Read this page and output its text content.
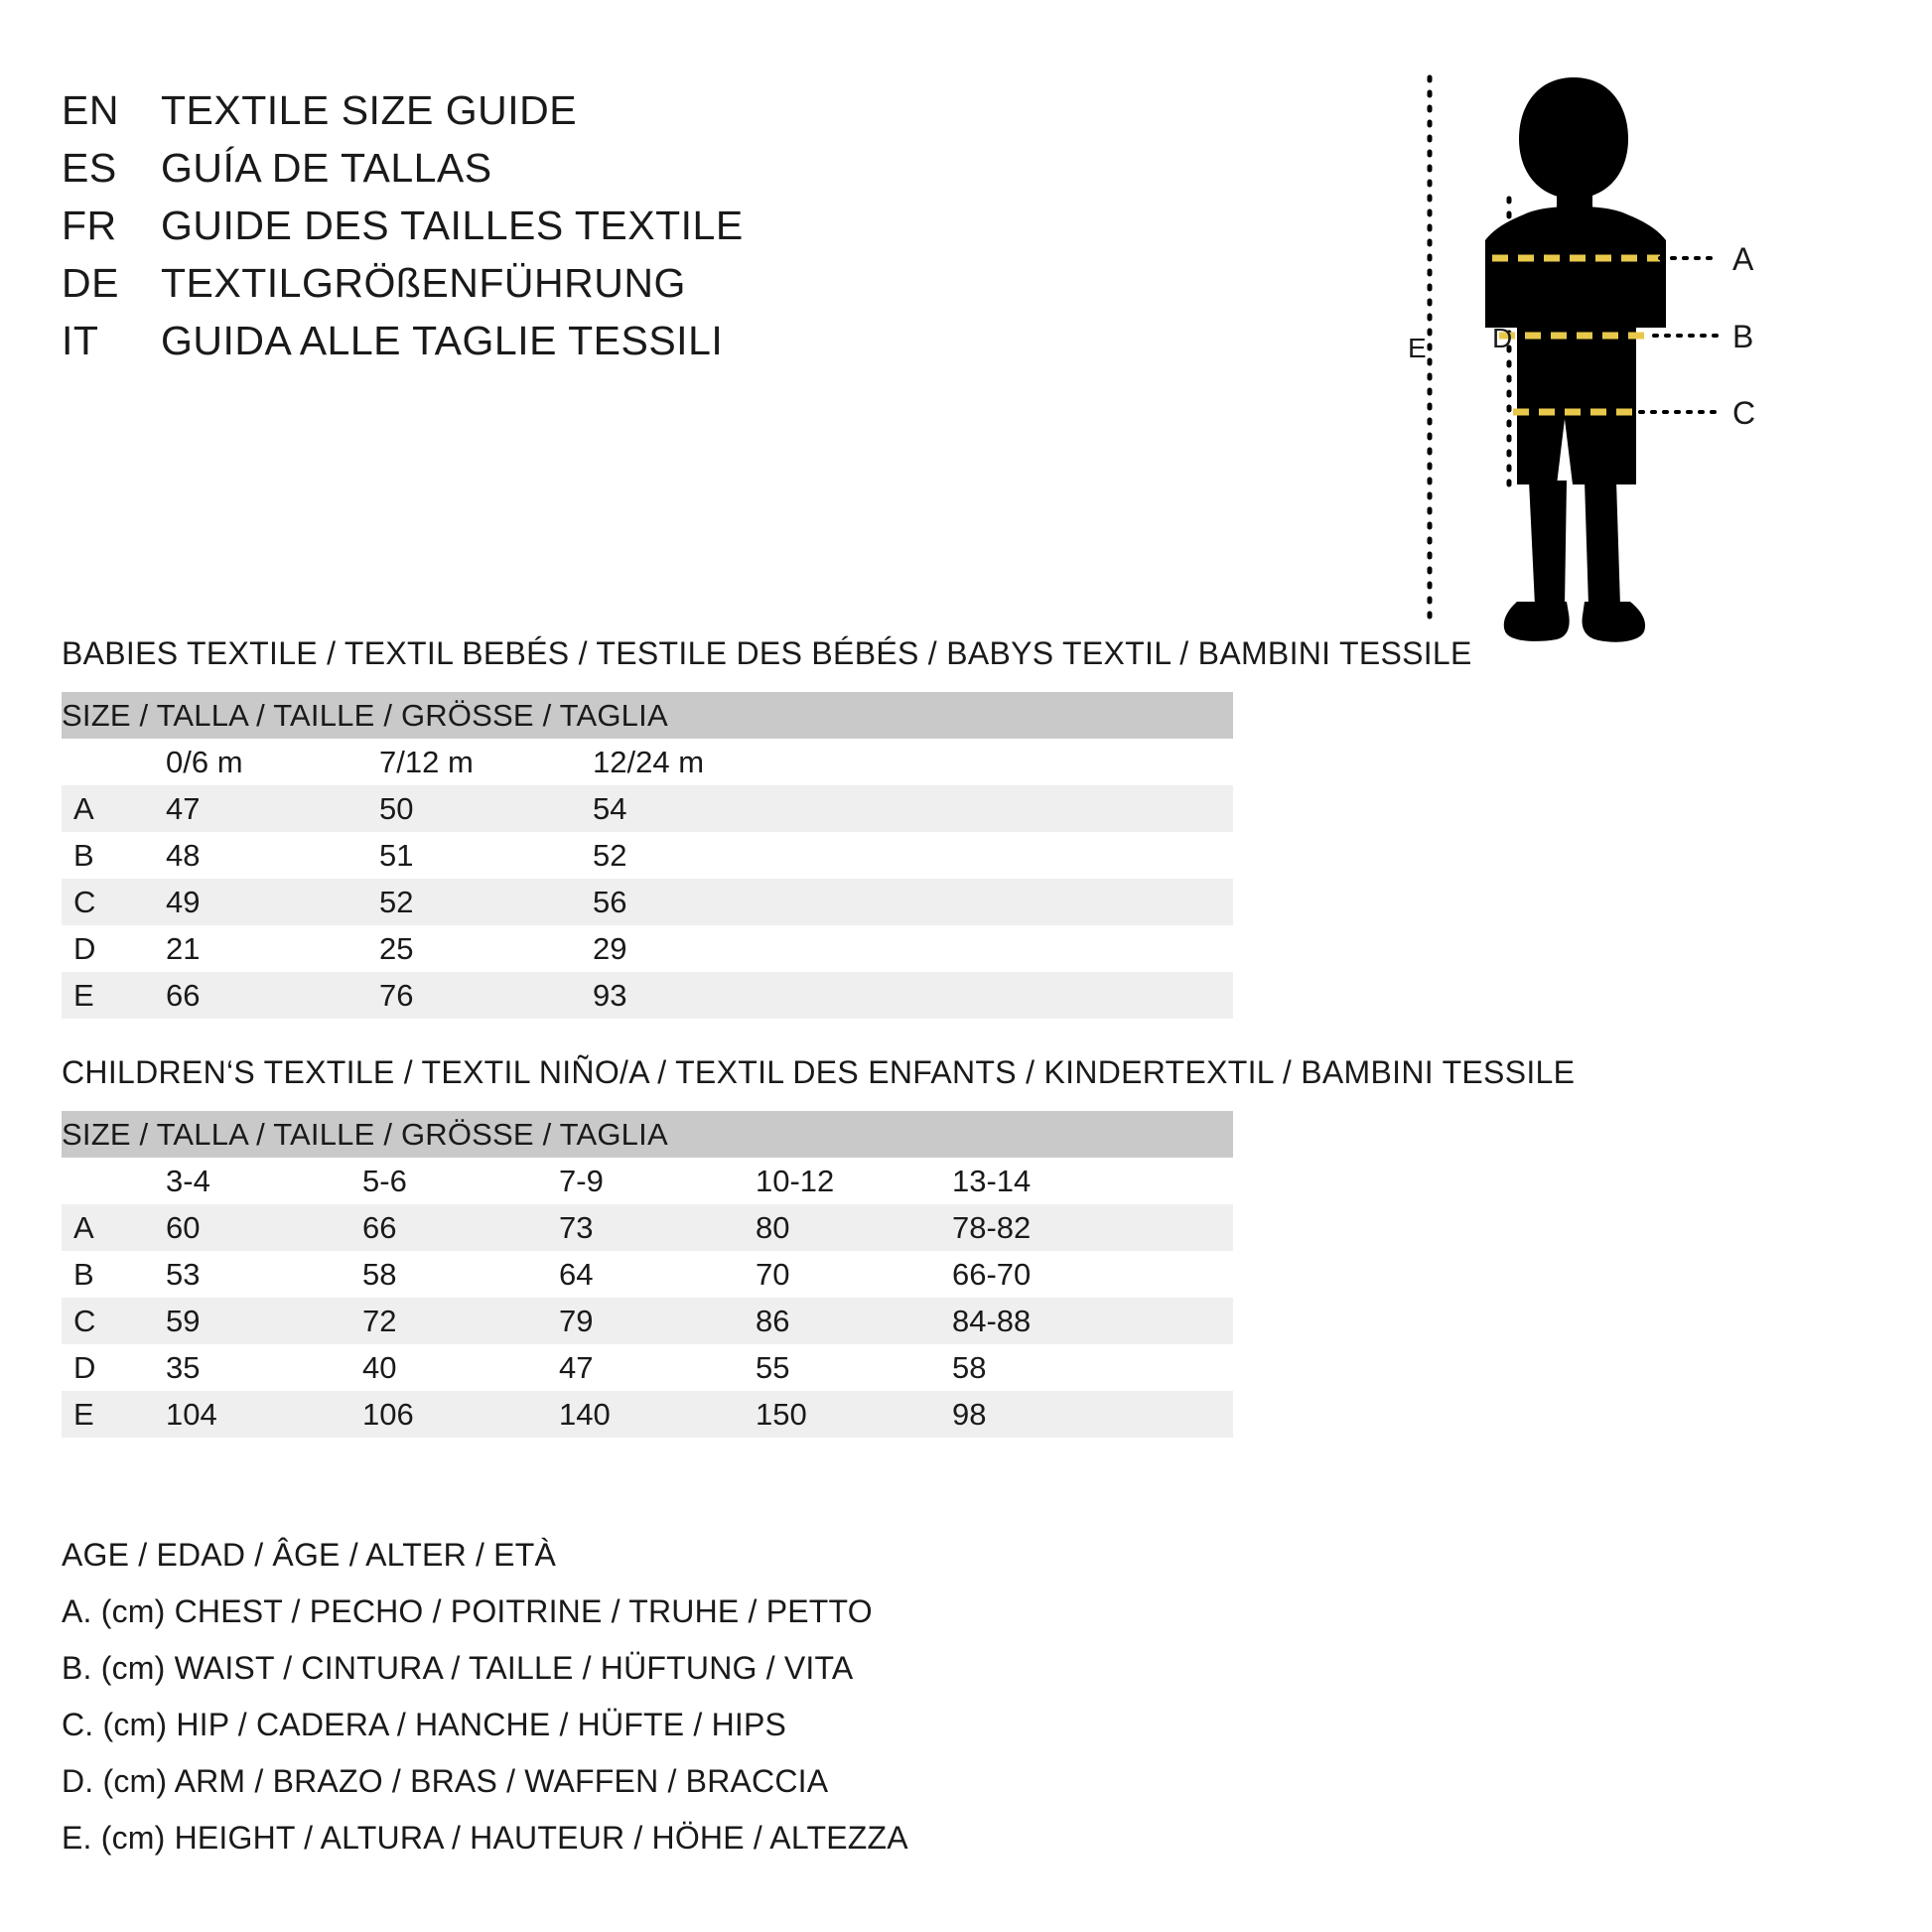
EN	TEXTILE SIZE GUIDE
ES	GUÍA DE TALLAS
FR	GUIDE DES TAILLES TEXTILE
DE	TEXTILGRÖßENFÜHRUNG
IT	GUIDA ALLE TAGLIE TESSILI
A
B
C
D
E
BABIES TEXTILE / TEXTIL BEBÉS / TESTILE DES BÉBÉS / BABYS TEXTIL / BAMBINI TESSILE
SIZE / TALLA / TAILLE / GRÖSSE / TAGLIA				
	0/6 m	7/12 m	12/24 m	
A	47	50	54	
B	48	51	52	
C	49	52	56	
D	21	25	29	
E	66	76	93	
CHILDREN‘S TEXTILE / TEXTIL NIÑO/A / TEXTIL DES ENFANTS / KINDERTEXTIL / BAMBINI TESSILE
SIZE / TALLA / TAILLE / GRÖSSE / TAGLIA						
	3-4	5-6	7-9	10-12	13-14	
A	60	66	73	80	78-82	
B	53	58	64	70	66-70	
C	59	72	79	86	84-88	
D	35	40	47	55	58	
E	104	106	140	150	98	
AGE / EDAD / ÂGE / ALTER / ETÀ
A. (cm) CHEST / PECHO / POITRINE / TRUHE / PETTO
B. (cm) WAIST / CINTURA / TAILLE / HÜFTUNG / VITA
C. (cm) HIP / CADERA / HANCHE / HÜFTE / HIPS
D. (cm) ARM / BRAZO / BRAS / WAFFEN / BRACCIA
E. (cm) HEIGHT / ALTURA / HAUTEUR / HÖHE / ALTEZZA
